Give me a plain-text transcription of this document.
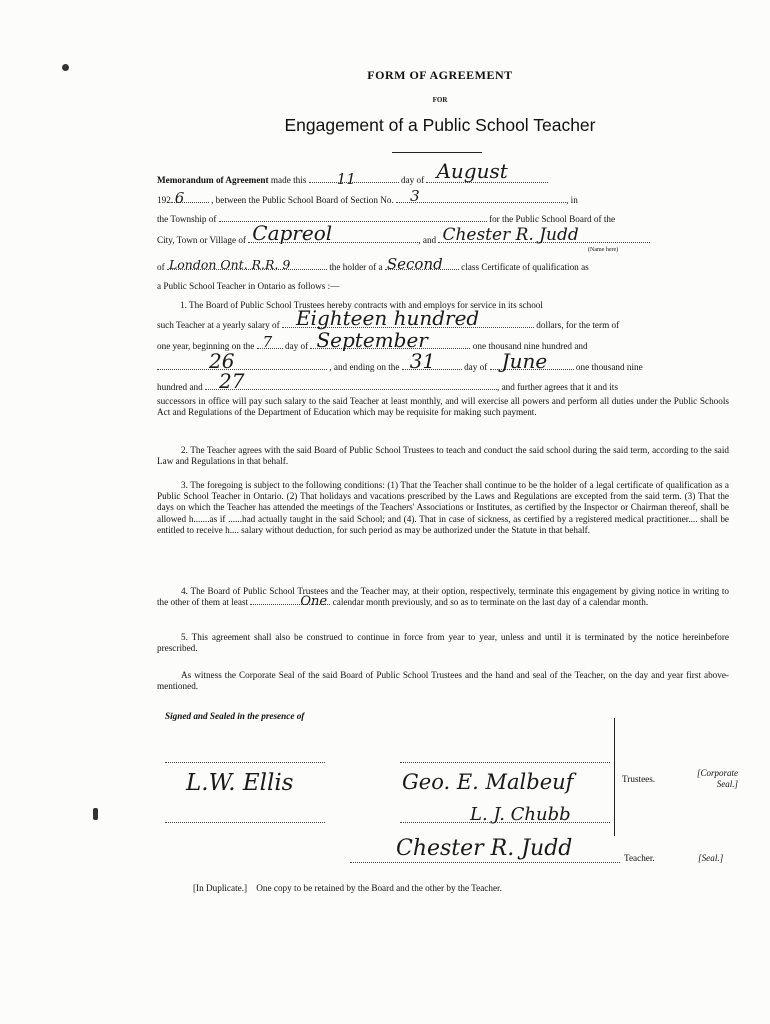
FORM OF AGREEMENT
FOR
Engagement of a Public School Teacher
Memorandum of Agreement made this 11	day of August
192 6	, between the Public School Board of Section No. 3	, in
the Township of	for the Public School Board of the
City, Town or Village of Capreol	, and Chester R. Judd
(Name here)
of London Ont. R.R. 9	the holder of a Second class Certificate of qualification as
a Public School Teacher in Ontario as follows :—
1. The Board of Public School Trustees hereby contracts with and employs for service in its school
such Teacher at a yearly salary of Eighteen hundred	dollars, for the term of
one year, beginning on the 7 day of September	one thousand nine hundred and
26	, and ending on the 31	day of June	one thousand nine
hundred and 27	, and further agrees that it and its
successors in office will pay such salary to the said Teacher at least monthly, and will exercise all powers and perform all duties under the Public Schools Act and Regulations of the Department of Education which may be requisite for making such payment.
2. The Teacher agrees with the said Board of Public School Trustees to teach and conduct the said school during the said term, according to the said Law and Regulations in that behalf.
3. The foregoing is subject to the following conditions: (1) That the Teacher shall continue to be the holder of a legal certificate of qualification as a Public School Teacher in Ontario. (2) That holidays and vacations prescribed by the Laws and Regulations are excepted from the said term. (3) That the days on which the Teacher has attended the meetings of the Teachers' Associations or Institutes, as certified by the Inspector or Chairman thereof, shall be allowed h.......as if ......had actually taught in the said School; and (4). That in case of sickness, as certified by a registered medical practitioner.... shall be entitled to receive h.... salary without deduction, for such period as may be authorized under the Statute in that behalf.
4. The Board of Public School Trustees and the Teacher may, at their option, respectively, terminate this engagement by giving notice in writing to the other of them at least	One calendar month previously, and so as to terminate on the last day of a calendar month.
5. This agreement shall also be construed to continue in force from year to year, unless and until it is terminated by the notice hereinbefore prescribed.
As witness the Corporate Seal of the said Board of Public School Trustees and the hand and seal of the Teacher, on the day and year first above-mentioned.
Signed and Sealed in the presence of
L.W. Ellis	Geo. E. Malbeuf
L. J. Chubb
Trustees.
[Corporate Seal.]
Chester R. Judd	Teacher.	[Seal.]
[In Duplicate.] One copy to be retained by the Board and the other by the Teacher.
